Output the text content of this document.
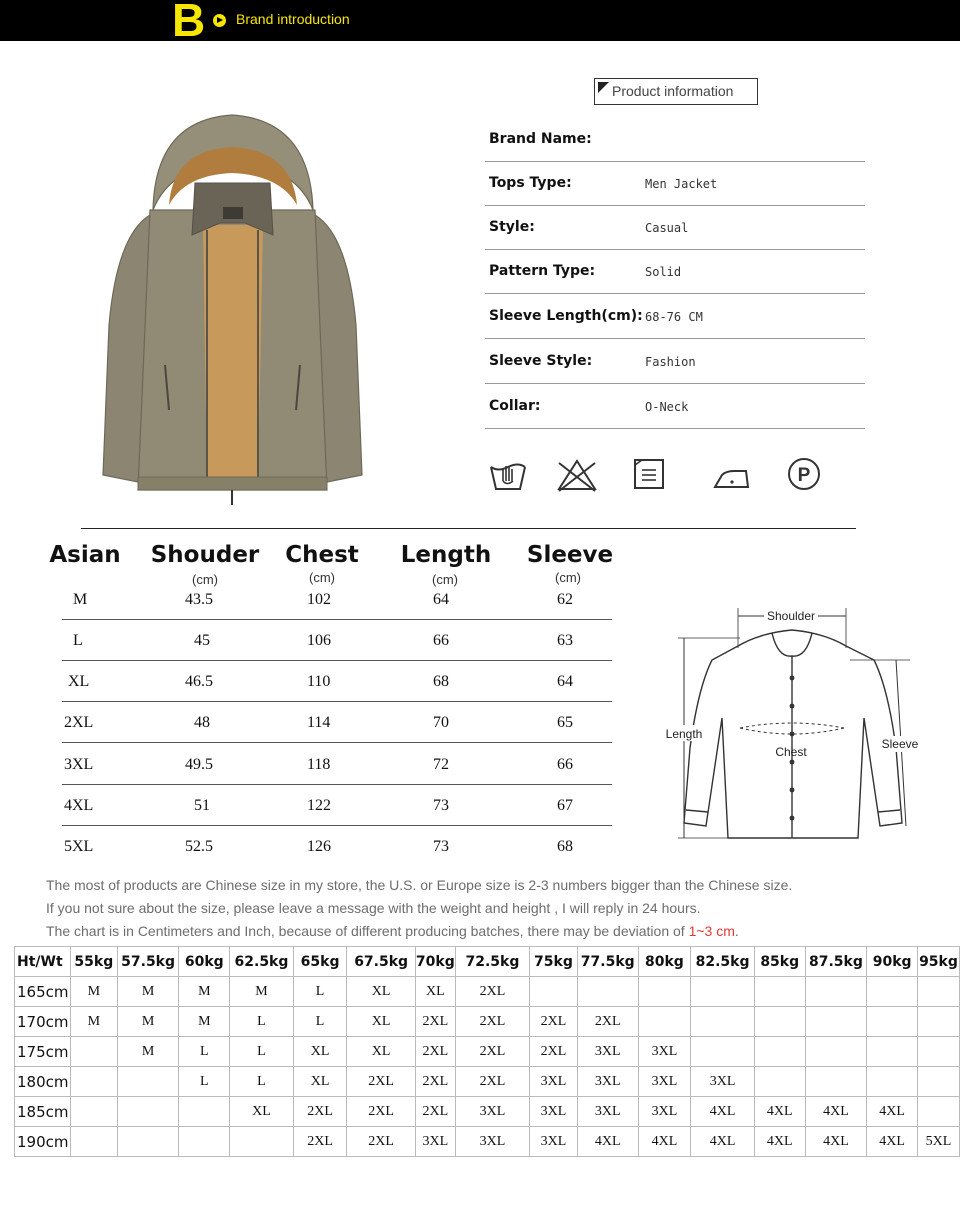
B Brand introduction
Product information
Brand Name:
Tops Type:	Men Jacket
Style:	Casual
Pattern Type:	Solid
Sleeve Length(cm): 68-76 CM
Sleeve Style:	Fashion
Collar:	O-Neck
P
Asian	Shouder	Chest	Length Sleeve
(cm)	(cm)	(cm)	(cm)
M	43.5	102	64	62
L	45	106	66	63
XL	46.5	110	68	64
2XL	48	114	70	65
3XL	49.5	118	72	66
4XL	51	122	73	67
5XL	52.5	126	73	68
Shoulder
Length
Chest
Sleeve
The most of products are Chinese size in my store, the U.S. or Europe size is 2-3 numbers bigger than the Chinese size.
If you not sure about the size, please leave a message with the weight and height , I will reply in 24 hours.
The chart is in Centimeters and Inch, because of different producing batches, there may be deviation of 1~3 cm.
Ht/Wt	55kg	57.5kg	60kg	62.5kg	65kg	67.5kg	70kg	72.5kg	75kg	77.5kg	80kg	82.5kg	85kg	87.5kg	90kg	95kg
165cm	M	M	M	M	L	XL	XL	2XL								
170cm	M	M	M	L	L	XL	2XL	2XL	2XL	2XL						
175cm		M	L	L	XL	XL	2XL	2XL	2XL	3XL	3XL					
180cm			L	L	XL	2XL	2XL	2XL	3XL	3XL	3XL	3XL				
185cm				XL	2XL	2XL	2XL	3XL	3XL	3XL	3XL	4XL	4XL	4XL	4XL	
190cm					2XL	2XL	3XL	3XL	3XL	4XL	4XL	4XL	4XL	4XL	4XL	5XL
